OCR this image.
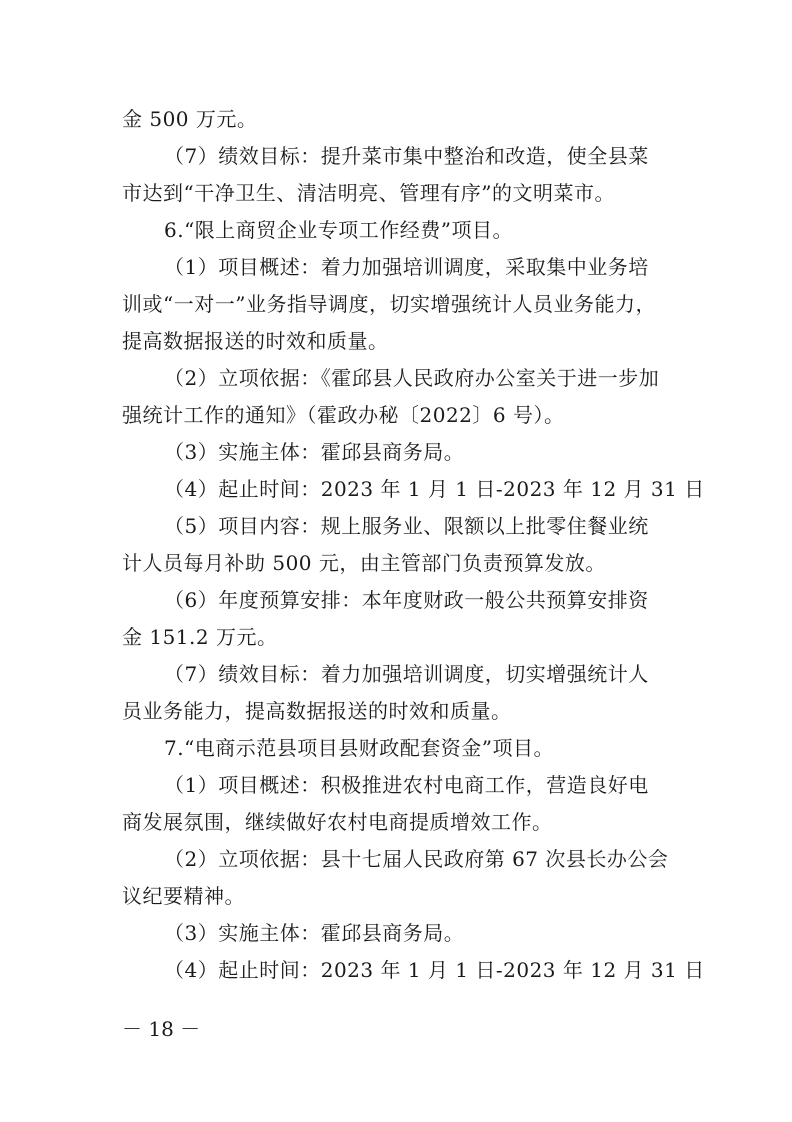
金 500 万元。
（7）绩效目标：提升菜市集中整治和改造，使全县菜
市达到“干净卫生、清洁明亮、管理有序”的文明菜市。
6.“限上商贸企业专项工作经费”项目。
（1）项目概述：着力加强培训调度，采取集中业务培
训或“一对一”业务指导调度，切实增强统计人员业务能力，
提高数据报送的时效和质量。
（2）立项依据：《霍邱县人民政府办公室关于进一步加
强统计工作的通知》（霍政办秘〔2022〕6 号）。
（3）实施主体：霍邱县商务局。
（4）起止时间：2023 年 1 月 1 日-2023 年 12 月 31 日
（5）项目内容：规上服务业、限额以上批零住餐业统
计人员每月补助 500 元，由主管部门负责预算发放。
（6）年度预算安排：本年度财政一般公共预算安排资
金 151.2 万元。
（7）绩效目标：着力加强培训调度，切实增强统计人
员业务能力，提高数据报送的时效和质量。
7.“电商示范县项目县财政配套资金”项目。
（1）项目概述：积极推进农村电商工作，营造良好电
商发展氛围，继续做好农村电商提质增效工作。
（2）立项依据：县十七届人民政府第 67 次县长办公会
议纪要精神。
（3）实施主体：霍邱县商务局。
（4）起止时间：2023 年 1 月 1 日-2023 年 12 月 31 日
－ 18 －
